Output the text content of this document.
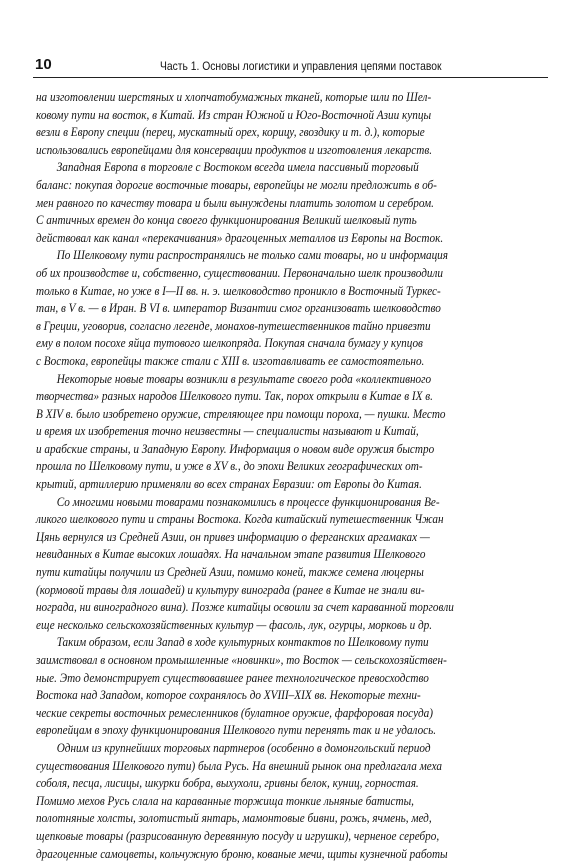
10	Часть 1. Основы логистики и управления цепями поставок
на изготовлении шерстяных и хлопчатобумажных тканей, которые шли по Шел-
ковому пути на восток, в Китай. Из стран Южной и Юго-Восточной Азии купцы
везли в Европу специи (перец, мускатный орех, корицу, гвоздику и т. д.), которые
использовались европейцами для консервации продуктов и изготовления лекарств.
Западная Европа в торговле с Востоком всегда имела пассивный торговый
баланс: покупая дорогие восточные товары, европейцы не могли предложить в об-
мен равного по качеству товара и были вынуждены платить золотом и серебром.
С античных времен до конца своего функционирования Великий шелковый путь
действовал как канал «перекачивания» драгоценных металлов из Европы на Восток.
По Шелковому пути распространялись не только сами товары, но и информация
об их производстве и, собственно, существовании. Первоначально шелк производили
только в Китае, но уже в I—II вв. н. э. шелководство проникло в Восточный Туркес-
тан, в V в. — в Иран. В VI в. император Византии смог организовать шелководство
в Греции, уговорив, согласно легенде, монахов-путешественников тайно привезти
ему в полом посохе яйца тутового шелкопряда. Покупая сначала бумагу у купцов
с Востока, европейцы также стали с XIII в. изготавливать ее самостоятельно.
Некоторые новые товары возникли в результате своего рода «коллективного
творчества» разных народов Шелкового пути. Так, порох открыли в Китае в IX в.
В XIV в. было изобретено оружие, стреляющее при помощи пороха, — пушки. Место
и время их изобретения точно неизвестны — специалисты называют и Китай,
и арабские страны, и Западную Европу. Информация о новом виде оружия быстро
прошла по Шелковому пути, и уже в XV в., до эпохи Великих географических от-
крытий, артиллерию применяли во всех странах Евразии: от Европы до Китая.
Со многими новыми товарами познакомились в процессе функционирования Ве-
ликого шелкового пути и страны Востока. Когда китайский путешественник Чжан
Цянь вернулся из Средней Азии, он привез информацию о ферганских аргамаках —
невиданных в Китае высоких лошадях. На начальном этапе развития Шелкового
пути китайцы получили из Средней Азии, помимо коней, также семена люцерны
(кормовой травы для лошадей) и культуру винограда (ранее в Китае не знали ви-
нограда, ни виноградного вина). Позже китайцы освоили за счет караванной торговли
еще несколько сельскохозяйственных культур — фасоль, лук, огурцы, морковь и др.
Таким образом, если Запад в ходе культурных контактов по Шелковому пути
заимствовал в основном промышленные «новинки», то Восток — сельскохозяйствен-
ные. Это демонстрирует существовавшее ранее технологическое превосходство
Востока над Западом, которое сохранялось до XVIII–XIX вв. Некоторые техни-
ческие секреты восточных ремесленников (булатное оружие, фарфоровая посуда)
европейцам в эпоху функционирования Шелкового пути перенять так и не удалось.
Одним из крупнейших торговых партнеров (особенно в домонгольский период
существования Шелкового пути) была Русь. На внешний рынок она предлагала меха
соболя, песца, лисицы, шкурки бобра, выхухоли, гривны белок, куниц, горностая.
Помимо мехов Русь слала на караванные торжища тонкие льняные батисты,
полотняные холсты, золотистый янтарь, мамонтовые бивни, рожь, ячмень, мед,
щепковые товары (разрисованную деревянную посуду и игрушки), черненое серебро,
драгоценные самоцветы, кольчужную броню, кованые мечи, щиты кузнечной работы
